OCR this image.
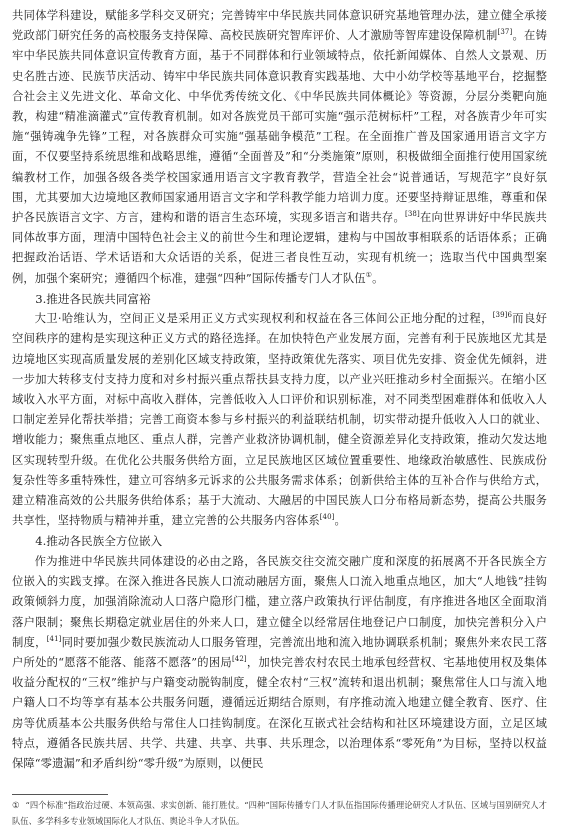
共同体学科建设，赋能多学科交叉研究；完善铸牢中华民族共同体意识研究基地管理办法，建立健全承接党政部门研究任务的高校服务支持保障、高校民族研究智库评价、人才激励等智库建设保障机制[37]。在铸牢中华民族共同体意识宣传教育方面，基于不同群体和行业领域特点，依托新闻媒体、自然人文景观、历史名胜古迹、民族节庆活动、铸牢中华民族共同体意识教育实践基地、大中小幼学校等基地平台，挖掘整合社会主义先进文化、革命文化、中华优秀传统文化、《中华民族共同体概论》等资源，分层分类靶向施教，构建“精准滴灌式”宣传教育机制。如对各族党员干部可实施“强示范树标杆”工程，对各族青少年可实施“强铸魂争先锋”工程，对各族群众可实施“强基础争模范”工程。在全面推广普及国家通用语言文字方面，不仅要坚持系统思维和战略思维，遵循“全面普及”和“分类施策”原则，积极做细全面推行使用国家统编教材工作，加强各级各类学校国家通用语言文字教育教学，营造全社会“说普通话，写规范字”良好氛围，尤其要加大边境地区教师国家通用语言文字和学科教学能力培训力度。还要坚持辩证思维，尊重和保护各民族语言文字、方言，建构和谐的语言生态环境，实现多语言和谐共存。[38]在向世界讲好中华民族共同体故事方面，理清中国特色社会主义的前世今生和理论逻辑，建构与中国故事相联系的话语体系；正确把握政治话语、学术话语和大众话语的关系，促进三者良性互动，实现有机统一；选取当代中国典型案例，加强个案研究；遵循四个标准，建强“四种”国际传播专门人才队伍①。

3.推进各民族共同富裕

大卫·哈维认为，空间正义是采用正义方式实现权利和权益在各三体间公正地分配的过程，$^{[39]6}$而良好空间秩序的建构是实现这种正义方式的路径选择。在加快特色产业发展方面，完善有利于民族地区尤其是边境地区实现高质量发展的差别化区域支持政策，坚持政策优先落实、项目优先安排、资金优先倾斜，进一步加大转移支付支持力度和对乡村振兴重点帮扶县支持力度，以产业兴旺推动乡村全面振兴。在缩小区域收入水平方面，对标中高收入群体，完善低收入人口评价和识别标准，对不同类型困难群体和低收入人口制定差异化帮扶举措；完善工商资本参与乡村振兴的利益联结机制，切实带动提升低收入人口的就业、增收能力；聚焦重点地区、重点人群，完善产业救济协调机制，健全资源差异化支持政策，推动欠发达地区实现转型升级。在优化公共服务供给方面，立足民族地区区域位置重要性、地缘政治敏感性、民族成份复杂性等多重特殊性，建立可容纳多元诉求的公共服务需求体系；创新供给主体的互补合作与供给方式，建立精准高效的公共服务供给体系；基于大流动、大融居的中国民族人口分布格局新态势，提高公共服务共享性，坚持物质与精神并重，建立完善的公共服务内容体系[40]。

4.推动各民族全方位嵌入

作为推进中华民族共同体建设的必由之路，各民族交往交流交融广度和深度的拓展离不开各民族全方位嵌入的实践支撑。在深入推进各民族人口流动融居方面，聚焦人口流入地重点地区，加大“人地钱”挂钩政策倾斜力度，加强消除流动人口落户隐形门槛，建立落户政策执行评估制度，有序推进各地区全面取消落户限制；聚焦长期稳定就业居住的外来人口，建立健全以经常居住地登记户口制度，加快完善积分入户制度，[41]同时要加强少数民族流动人口服务管理，完善流出地和流入地协调联系机制；聚焦外来农民工落户所处的“愿落不能落、能落不愿落”的困局[42]，加快完善农村农民土地承包经营权、宅基地使用权及集体收益分配权的“三权”维护与户籍变动脱钩制度，健全农村“三权”流转和退出机制；聚焦常住人口与流入地户籍人口不均等享有基本公共服务问题，遵循远近期结合原则，有序推动流入地建立健全教育、医疗、住房等优质基本公共服务供给与常住人口挂钩制度。在深化互嵌式社会结构和社区环境建设方面，立足区域特点，遵循各民族共居、共学、共建、共享、共事、共乐理念，以治理体系“零死角”为目标，坚持以权益保障“零遗漏”和矛盾纠纷“零升级”为原则，以便民

① “四个标准”指政治过硬、本领高强、求实创新、能打胜仗。“四种”国际传播专门人才队伍指国际传播理论研究人才队伍、区域与国别研究人才队伍、多学科多专业领域国际化人才队伍、舆论斗争人才队伍。
